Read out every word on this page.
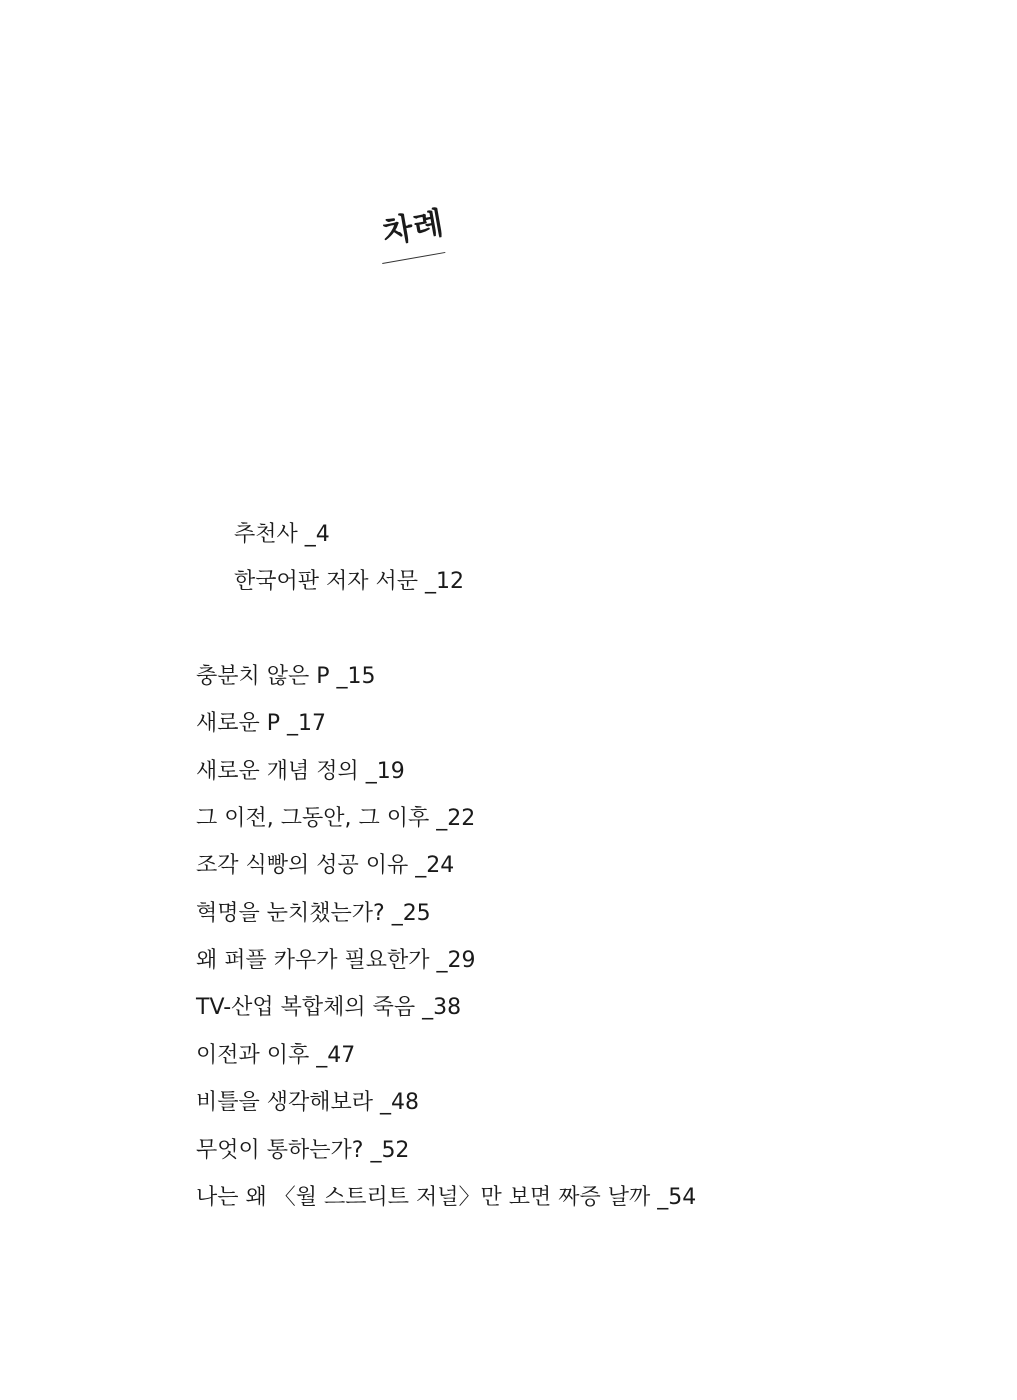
차례
추천사 _4
한국어판 저자 서문 _12
충분치 않은 P _15
새로운 P _17
새로운 개념 정의 _19
그 이전, 그동안, 그 이후 _22
조각 식빵의 성공 이유 _24
혁명을 눈치챘는가? _25
왜 퍼플 카우가 필요한가 _29
TV-산업 복합체의 죽음 _38
이전과 이후 _47
비틀을 생각해보라 _48
무엇이 통하는가? _52
나는 왜 〈월 스트리트 저널〉만 보면 짜증 날까 _54
